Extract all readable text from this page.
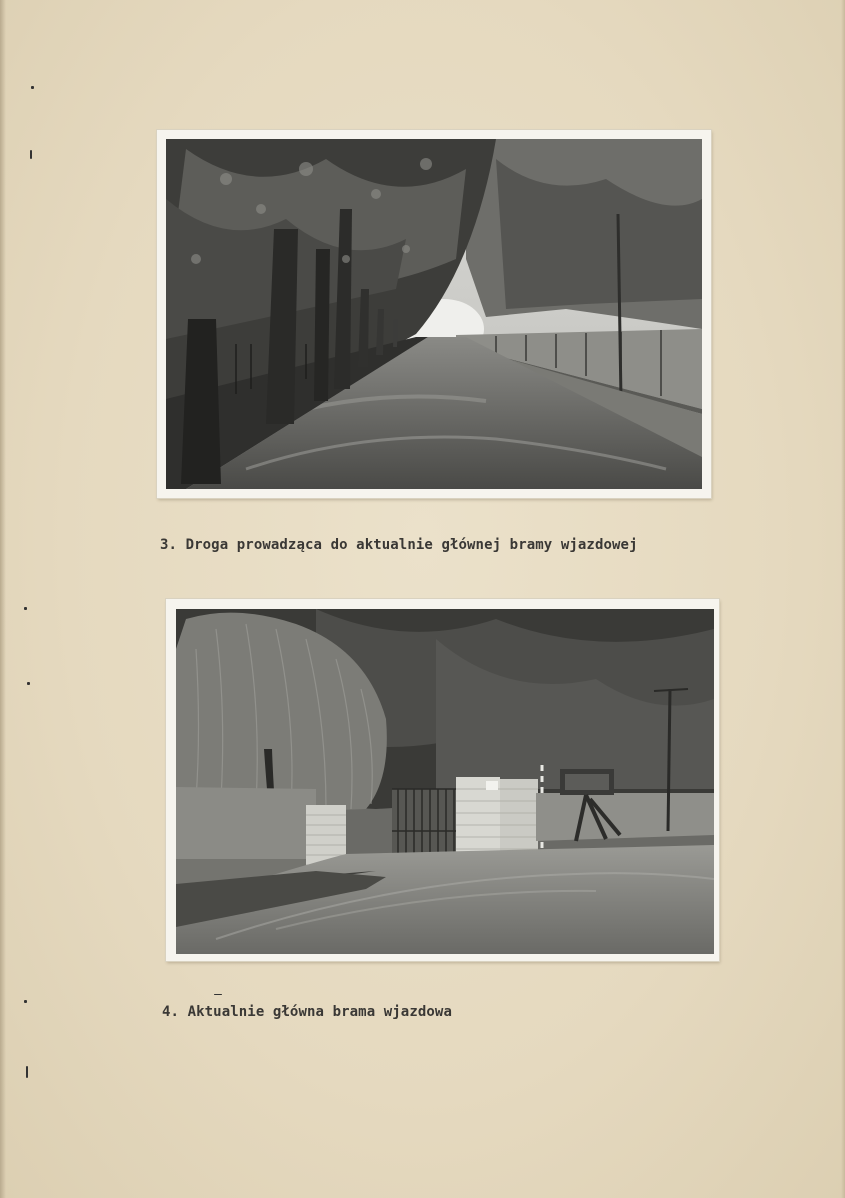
3. Droga prowadząca do aktualnie głównej bramy wjazdowej
4. Aktualnie główna brama wjazdowa
